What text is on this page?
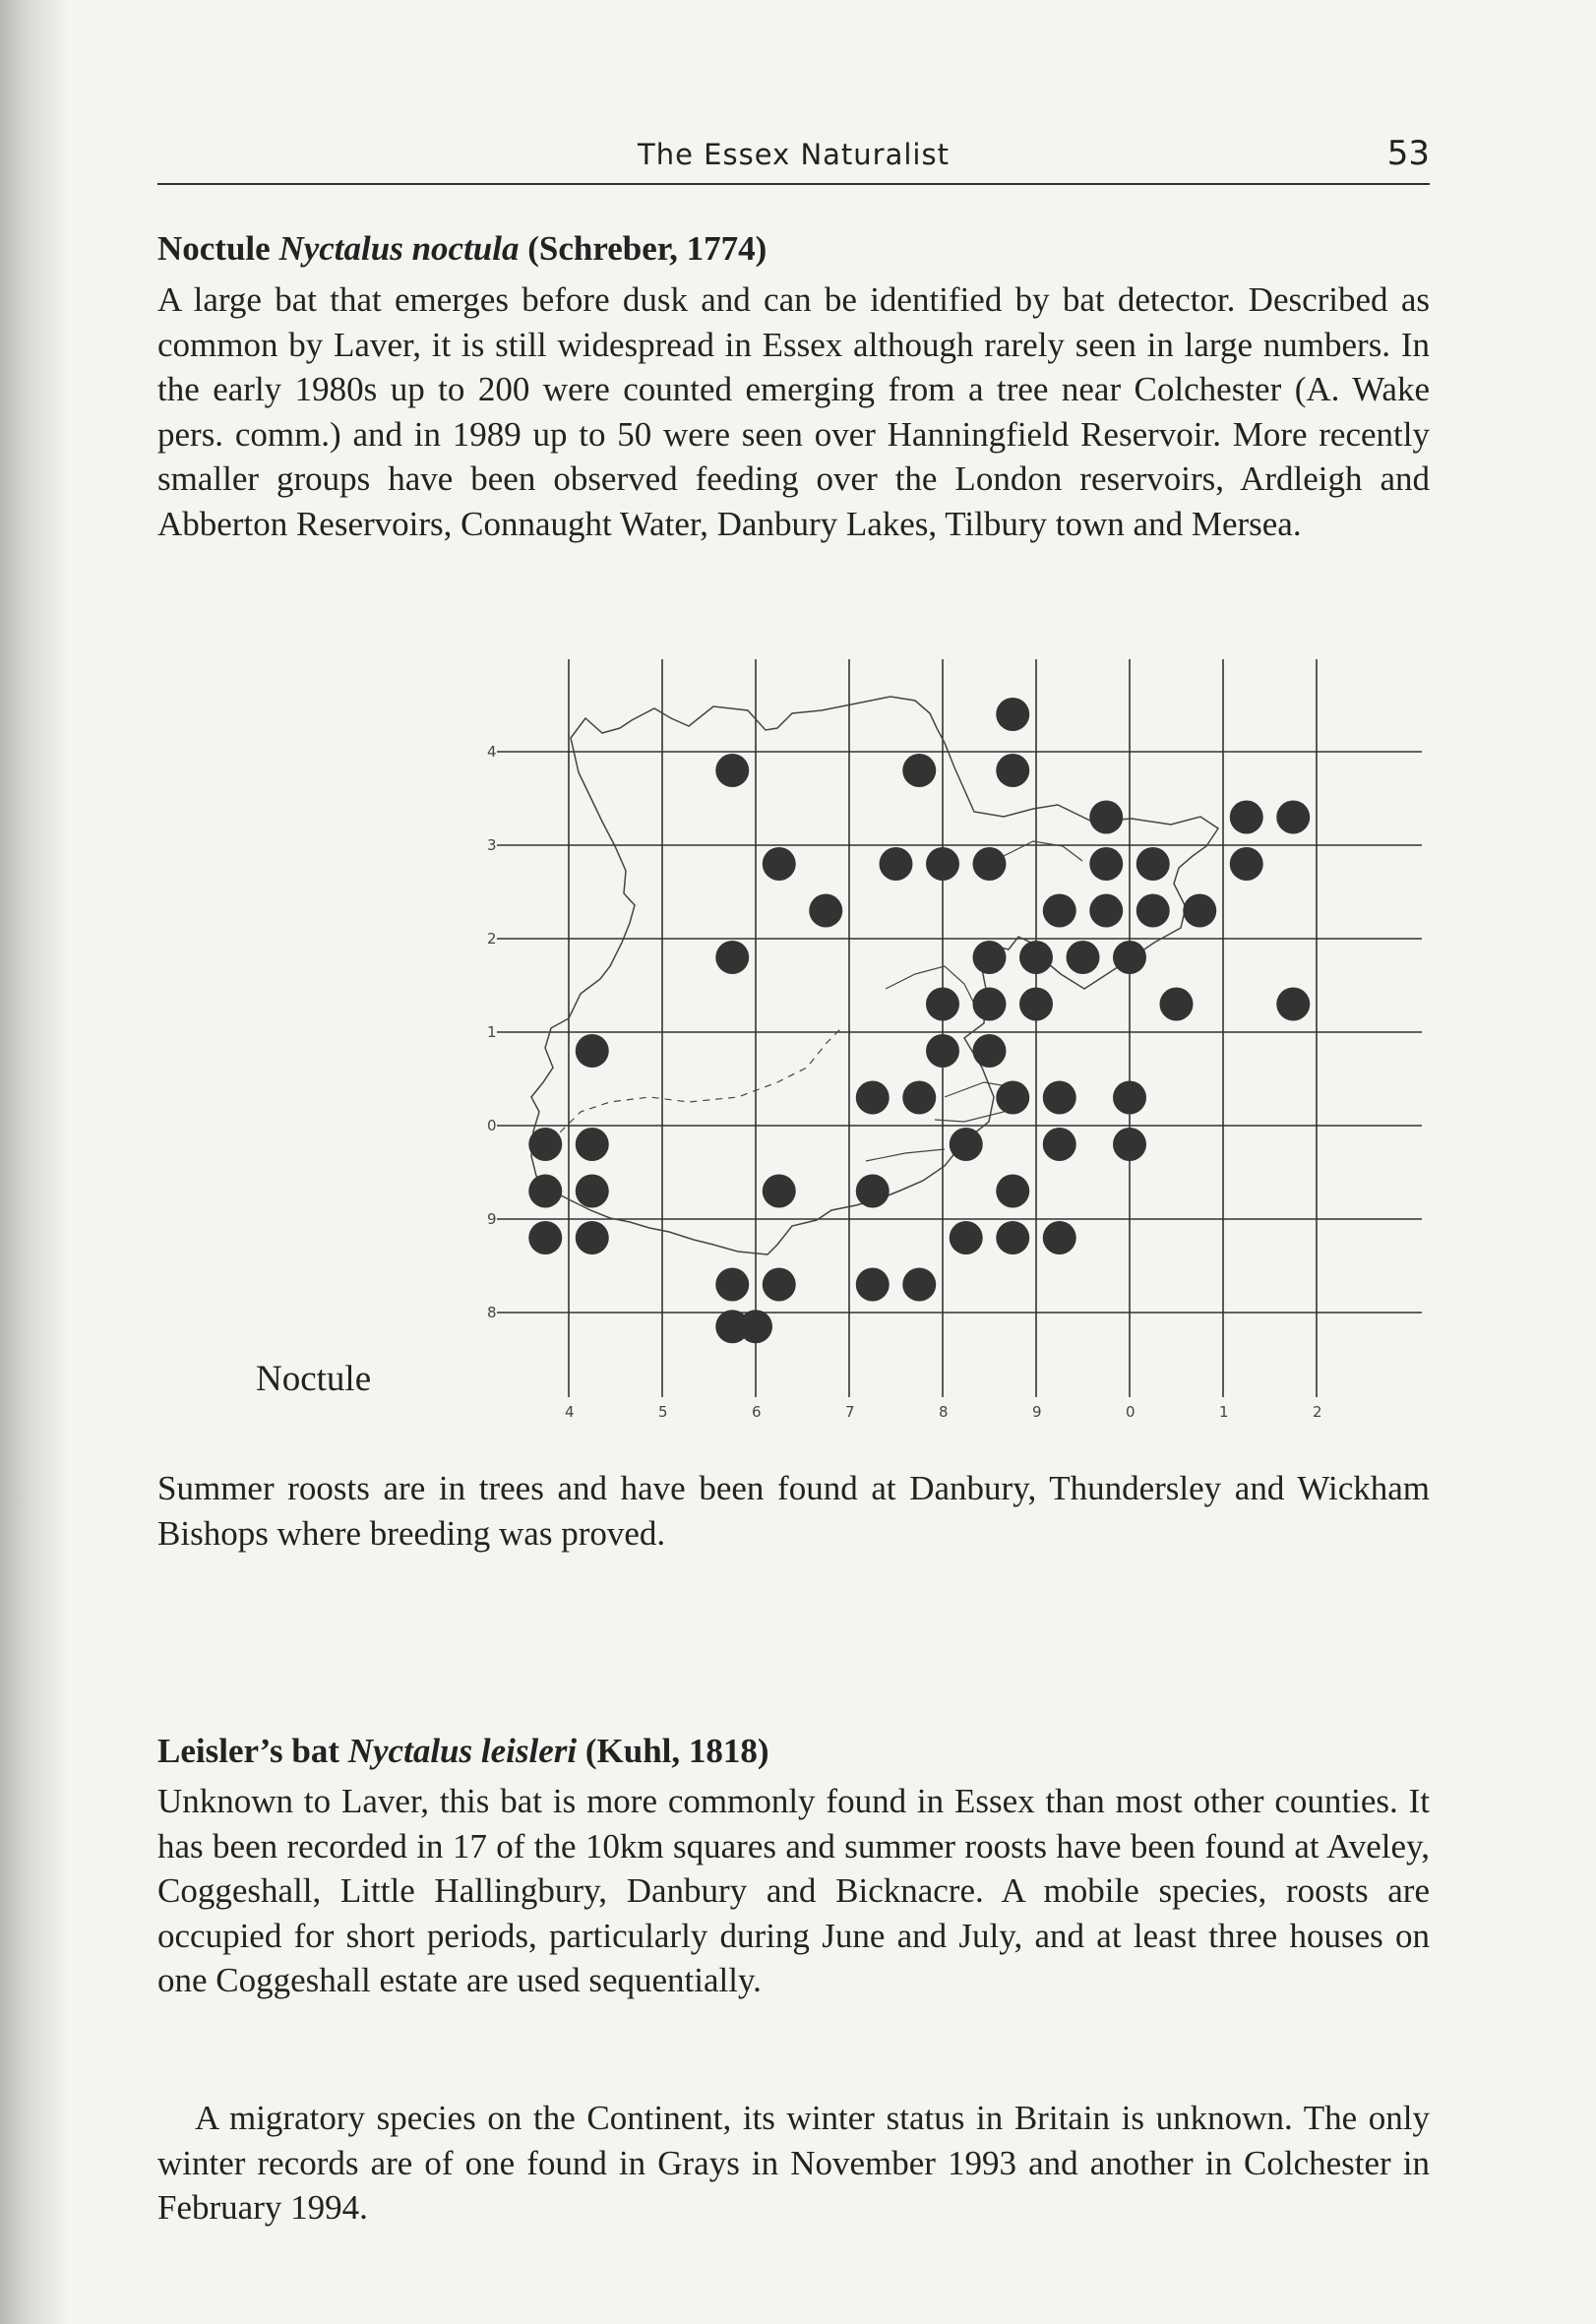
The Essex Naturalist	53
Noctule Nyctalus noctula (Schreber, 1774)

A large bat that emerges before dusk and can be identified by bat detector. Described as common by Laver, it is still widespread in Essex although rarely seen in large numbers. In the early 1980s up to 200 were counted emerging from a tree near Colchester (A. Wake pers. comm.) and in 1989 up to 50 were seen over Hanningfield Reservoir. More recently smaller groups have been observed feeding over the London reservoirs, Ardleigh and Abberton Reservoirs, Connaught Water, Danbury Lakes, Tilbury town and Mersea.

4
3
2
1
0
9
8
4	5	6	7	8	9	0	1	2
Noctule

Summer roosts are in trees and have been found at Danbury, Thundersley and Wickham Bishops where breeding was proved.

Leisler’s bat Nyctalus leisleri (Kuhl, 1818)

Unknown to Laver, this bat is more commonly found in Essex than most other counties. It has been recorded in 17 of the 10km squares and summer roosts have been found at Aveley, Coggeshall, Little Hallingbury, Danbury and Bicknacre. A mobile species, roosts are occupied for short periods, particularly during June and July, and at least three houses on one Coggeshall estate are used sequentially.

A migratory species on the Continent, its winter status in Britain is unknown. The only winter records are of one found in Grays in November 1993 and another in Colchester in February 1994.
